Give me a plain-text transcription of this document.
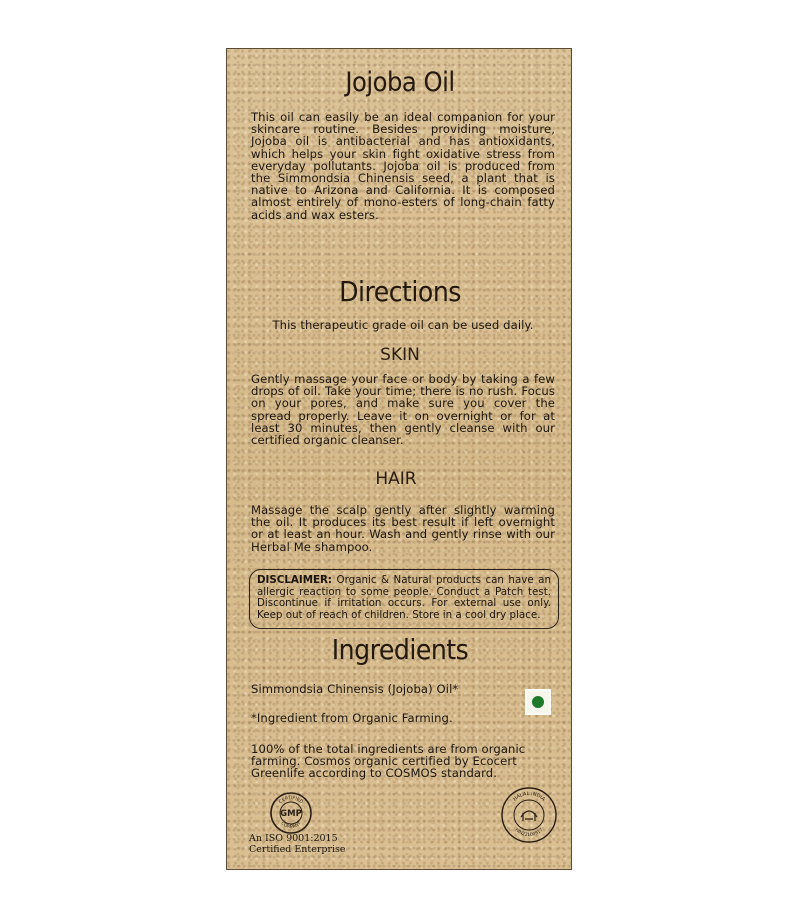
Jojoba Oil

This oil can easily be an ideal companion for your skincare routine. Besides providing moisture, Jojoba oil is antibacterial and has antioxidants, which helps your skin fight oxidative stress from everyday pollutants. Jojoba oil is produced from the Simmondsia Chinensis seed, a plant that is native to Arizona and California. It is composed almost entirely of mono-esters of long-chain fatty acids and wax esters.

Directions

This therapeutic grade oil can be used daily.

SKIN

Gently massage your face or body by taking a few drops of oil. Take your time; there is no rush. Focus on your pores, and make sure you cover the spread properly. Leave it on overnight or for at least 30 minutes, then gently cleanse with our certified organic cleanser.

HAIR

Massage the scalp gently after slightly warming the oil. It produces its best result if left overnight or at least an hour. Wash and gently rinse with our Herbal Me shampoo.

DISCLAIMER: Organic & Natural products can have an allergic reaction to some people. Conduct a Patch test. Discontinue if irritation occurs. For external use only. Keep out of reach of children. Store in a cool dry place.
Ingredients

Simmondsia Chinensis (Jojoba) Oil*

*Ingredient from Organic Farming.

100% of the total ingredients are from organic farming. Cosmos organic certified by Ecocert Greenlife according to COSMOS standard.

CERTIFIED
COMPANY
GMP
An ISO 9001:2015
Certified Enterprise
HALAL INDIA
HIN22100917
